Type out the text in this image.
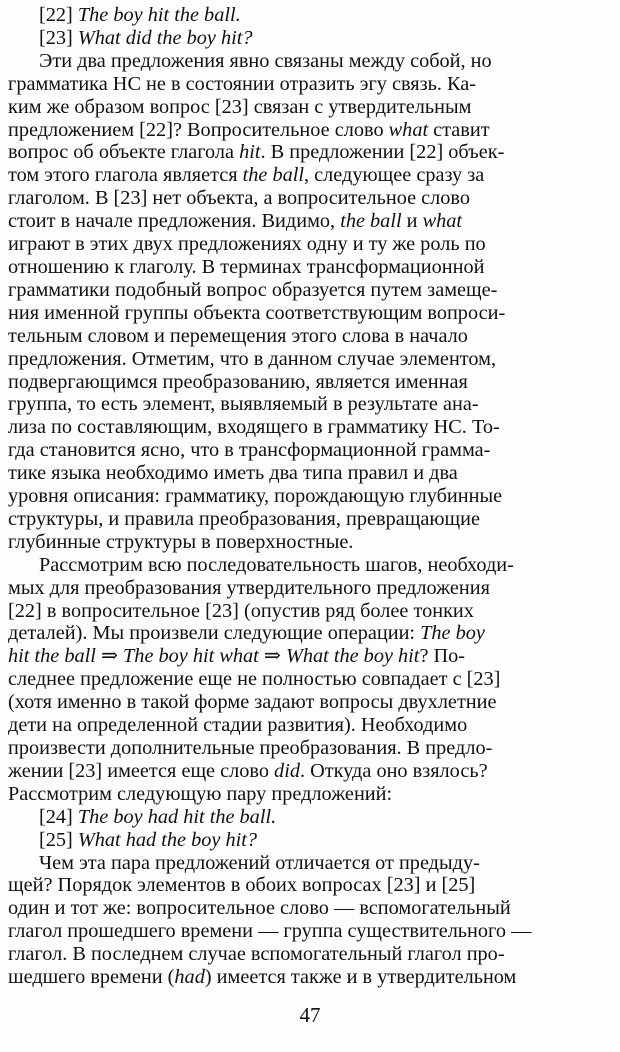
[22] The boy hit the ball.
[23] What did the boy hit?
Эти два предложения явно связаны между собой, но
грамматика НС не в состоянии отразить эгу связь. Ка-
ким же образом вопрос [23] связан с утвердительным
предложением [22]? Вопросительное слово what ставит
вопрос об объекте глагола hit. В предложении [22] объек-
том этого глагола является the ball, следующее сразу за
глаголом. В [23] нет объекта, а вопросительное слово
стоит в начале предложения. Видимо, the ball и what
играют в этих двух предложениях одну и ту же роль по
отношению к глаголу. В терминах трансформационной
грамматики подобный вопрос образуется путем замеще-
ния именной группы объекта соответствующим вопроси-
тельным словом и перемещения этого слова в начало
предложения. Отметим, что в данном случае элементом,
подвергающимся преобразованию, является именная
группа, то есть элемент, выявляемый в результате ана-
лиза по составляющим, входящего в грамматику НС. То-
гда становится ясно, что в трансформационной грамма-
тике языка необходимо иметь два типа правил и два
уровня описания: грамматику, порождающую глубинные
структуры, и правила преобразования, превращающие
глубинные структуры в поверхностные.
Рассмотрим всю последовательность шагов, необходи-
мых для преобразования утвердительного предложения
[22] в вопросительное [23] (опустив ряд более тонких
деталей). Мы произвели следующие операции: The boy
hit the ball ⇒ The boy hit what ⇒ What the boy hit? По-
следнее предложение еще не полностью совпадает с [23]
(хотя именно в такой форме задают вопросы двухлетние
дети на определенной стадии развития). Необходимо
произвести дополнительные преобразования. В предло-
жении [23] имеется еще слово did. Откуда оно взялось?
Рассмотрим следующую пару предложений:
[24] The boy had hit the ball.
[25] What had the boy hit?
Чем эта пара предложений отличается от предыду-
щей? Порядок элементов в обоих вопросах [23] и [25]
один и тот же: вопросительное слово — вспомогательный
глагол прошедшего времени — группа существительного —
глагол. В последнем случае вспомогательный глагол про-
шедшего времени (had) имеется также и в утвердительном
47
